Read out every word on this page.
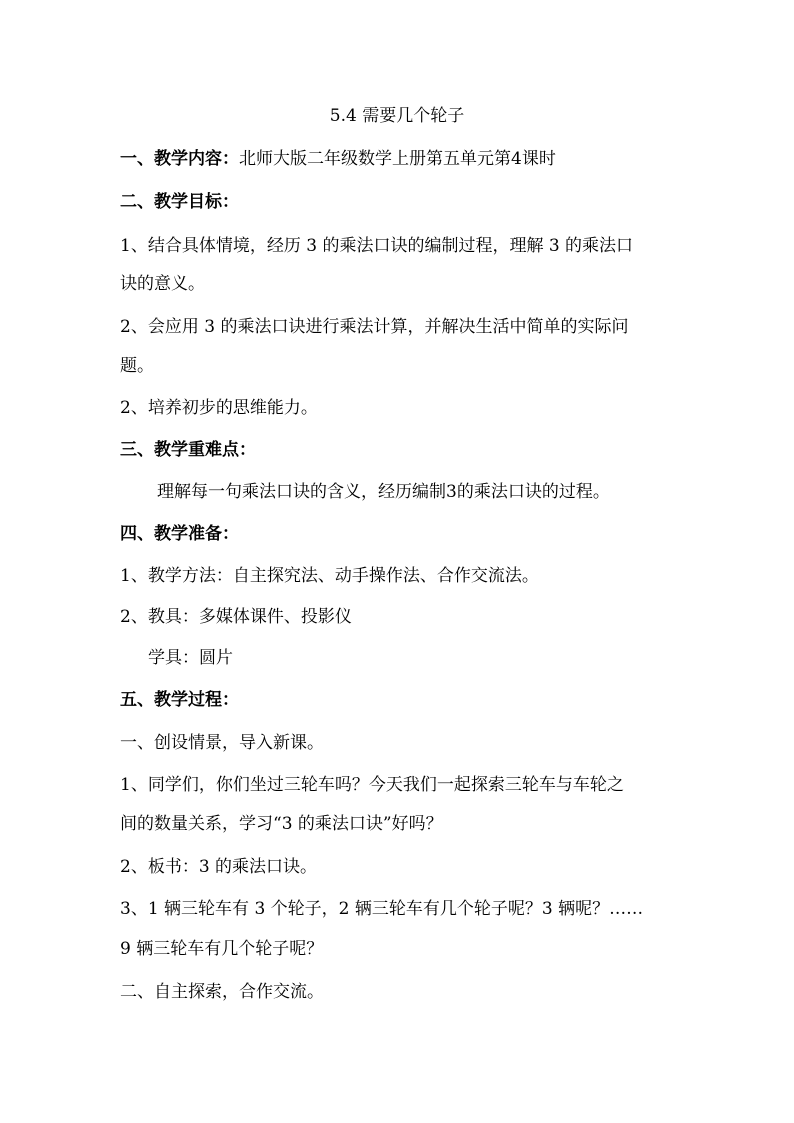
5.4 需要几个轮子

一、教学内容：北师大版二年级数学上册第五单元第4课时

二、教学目标：

1、结合具体情境，经历 3 的乘法口诀的编制过程，理解 3 的乘法口

诀的意义。

2、会应用 3 的乘法口诀进行乘法计算，并解决生活中简单的实际问

题。

2、培养初步的思维能力。

三、教学重难点：

理解每一句乘法口诀的含义，经历编制3的乘法口诀的过程。

四、教学准备：

1、教学方法：自主探究法、动手操作法、合作交流法。

2、教具：多媒体课件、投影仪

学具：圆片

五、教学过程：

一、创设情景，导入新课。

1、同学们，你们坐过三轮车吗？今天我们一起探索三轮车与车轮之

间的数量关系，学习“3 的乘法口诀”好吗？

2、板书：3 的乘法口诀。

3、1 辆三轮车有 3 个轮子，2 辆三轮车有几个轮子呢？3 辆呢？……

9 辆三轮车有几个轮子呢？

二、自主探索，合作交流。
